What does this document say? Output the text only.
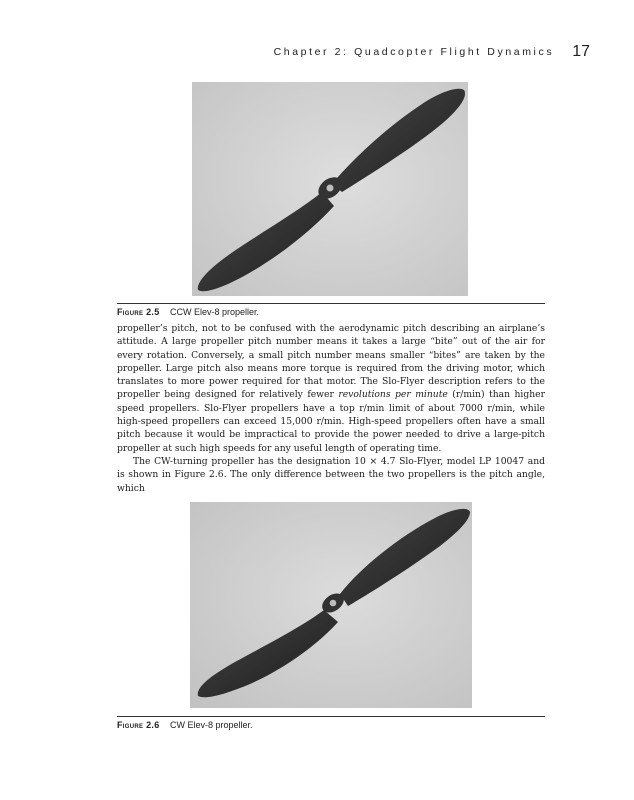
Chapter 2: Quadcopter Flight Dynamics 17
Figure 2.5 CCW Elev-8 propeller.

propeller’s pitch, not to be confused with the aerodynamic pitch describing an airplane’s attitude. A large propeller pitch number means it takes a large “bite” out of the air for every rotation. Conversely, a small pitch number means smaller “bites” are taken by the propeller. Large pitch also means more torque is required from the driving motor, which translates to more power required for that motor. The Slo-Flyer description refers to the propeller being designed for relatively fewer revolutions per minute (r/min) than higher speed propellers. Slo-Flyer propellers have a top r/min limit of about 7000 r/min, while high-speed propellers can exceed 15,000 r/min. High-speed propellers often have a small pitch because it would be impractical to provide the power needed to drive a large-pitch propeller at such high speeds for any useful length of operating time.

The CW-turning propeller has the designation 10 × 4.7 Slo-Flyer, model LP 10047 and is shown in Figure 2.6. The only difference between the two propellers is the pitch angle, which

Figure 2.6 CW Elev-8 propeller.
